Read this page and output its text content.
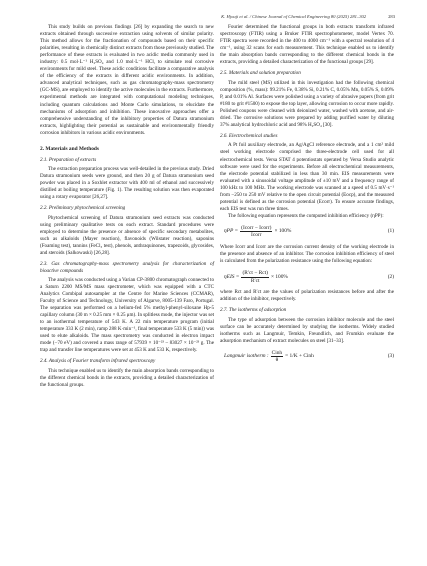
K. Hjouji et al. / Chinese Journal of Chemical Engineering 80 (2025) 281–302	283

This study builds on previous findings [26] by expanding the search to new extracts obtained through successive extraction using solvents of similar polarity. This method allows for the fractionation of compounds based on their specific polarities, resulting in chemically distinct extracts from those previously studied. The performance of these extracts is evaluated in two acidic media commonly used in industry: 0.5 mol·L⁻¹ H₂SO₄ and 1.0 mol·L⁻¹ HCl, to simulate real corrosive environments for mild steel. These acidic conditions facilitate a comparative analysis of the efficiency of the extracts in different acidic environments. In addition, advanced analytical techniques, such as gas chromatography-mass spectrometry (GC-MS), are employed to identify the active molecules in the extracts. Furthermore, experimental methods are integrated with computational modeling techniques, including quantum calculations and Monte Carlo simulations, to elucidate the mechanisms of adsorption and inhibition. These innovative approaches offer a comprehensive understanding of the inhibitory properties of Datura stramonium extracts, highlighting their potential as sustainable and environmentally friendly corrosion inhibitors in various acidic environments.

2. Materials and Methods
2.1. Preparation of extracts

The extraction preparation process was well-detailed in the previous study. Dried Datura stramonium seeds were ground, and then 20 g of Datura stramonium seed powder was placed in a Soxhlet extractor with 400 ml of ethanol and successively distilled at boiling temperature (Fig. 1). The resulting solution was then evaporated using a rotary evaporator [26,27].

2.2. Preliminary phytochemical screening

Phytochemical screening of Datura stramonium seed extracts was conducted using preliminary qualitative tests on each extract. Standard procedures were employed to determine the presence or absence of specific secondary metabolites, such as alkaloids (Mayer reaction), flavonoids (Wilstater reaction), saponins (Foaming test), tannins (FeCl₃ test), phenols, anthraquinones, trapezoids, glycosides, and steroids (Salkowaski) [26,28].

2.3. Gas chromatography-mass spectrometry analysis for characterization of bioactive compounds

The analysis was conducted using a Varian CP-3800 chromatograph connected to a Saturn 2200 MS/MS mass spectrometer, which was equipped with a CTC Analytics Combipal autosampler at the Centre for Marine Sciences (CCMAR), Faculty of Science and Technology, University of Algarve, 8005-139 Faro, Portugal. The separation was performed on a helium-fed 5% methyl-phenyl-siloxane Hp-5 capillary column (30 m × 0.25 mm × 0.25 μm). In splitless mode, the injector was set to an isothermal temperature of 543 K. A 22 min temperature program (initial temperature 333 K (2 min), ramp 288 K·min⁻¹, final temperature 533 K (5 min)) was used to elute alkaloids. The mass spectrometry was conducted in electron impact mode (−70 eV) and covered a mass range of 57939 × 10⁻²³ – 83027 × 10⁻²³ g. The trap and transfer line temperatures were set at 453 K and 533 K, respectively.

2.4. Analysis of Fourier transform infrared spectroscopy

This technique enabled us to identify the main absorption bands corresponding to the different chemical bonds in the extracts, providing a detailed characterization of the functional groups.

Fourier determined the functional groups in both extracts transform infrared spectroscopy (FTIR) using a Bruker FTIR spectrophotometer, model Vertex 70. FTIR spectra were recorded in the 400 to 4000 cm⁻¹ with a spectral resolution of 4 cm⁻¹, using 32 scans for each measurement. This technique enabled us to identify the main absorption bands corresponding to the different chemical bonds in the extracts, providing a detailed characterization of the functional groups [29].

2.5. Materials and solution preparation

The mild steel (MS) utilized in this investigation had the following chemical composition (%, mass): 99.21% Fe, 0.38% Si, 0.21% C, 0.05% Mn, 0.05% S, 0.09% P, and 0.01% Al. Surfaces were polished using a variety of abrasive papers (from grit #180 to grit #1500) to expose the top layer, allowing corrosion to occur more rapidly. Polished coupons were cleaned with deionized water, washed with acetone, and air-dried. The corrosive solutions were prepared by adding purified water by diluting 37% analytical hydrochloric acid and 98% H₂SO₄ [30].

2.6. Electrochemical studies

A Pt foil auxiliary electrode, an Ag/AgCl reference electrode, and a 1 cm² mild steel working electrode comprised the three-electrode cell used for all electrochemical tests. Versa STAT 4 potentiostats operated by Versa Studio analytic software were used for the experiments. Before all electrochemical measurements, the electrode potential stabilized in less than 30 min. EIS measurements were evaluated with a sinusoidal voltage amplitude of ±10 mV and a frequency range of 100 kHz to 100 MHz. The working electrode was scanned at a speed of 0.5 mV·s⁻¹ from −250 to 250 mV relative to the open circuit potential (Eocp), and the measured potential is defined as the corrosion potential (Ecorr). To ensure accurate findings, each EIS test was run three times.

The following equation represents the computed inhibition efficiency (ηPP):

$\eta PP = \frac{\text{(Icorr − Icorr)}}{\text{Icorr}} \times 100\%$	(1)

Where Icorr and Icorr are the corrosion current density of the working electrode in the presence and absence of an inhibitor. The corrosion inhibition efficiency of steel is calculated from the polarization resistance using the following equation:

$\eta EIS = \frac{\text{(R′ct − Rct)}}{R'ct} \times 100\%$	(2)

where Rct and R′ct are the values of polarization resistances before and after the addition of the inhibitor, respectively.

2.7. The isotherms of adsorption

The type of adsorption between the corrosion inhibitor molecule and the steel surface can be accurately determined by studying the isotherms. Widely studied isotherms such as Langmuir, Temkin, Freundlich, and Frumkin evaluate the adsorption mechanism of extract molecules on steel [31–33].

Langmuir isotherm : $\frac{\text{Cinh}}{\theta} = 1/K$ + Cinh	(3)
